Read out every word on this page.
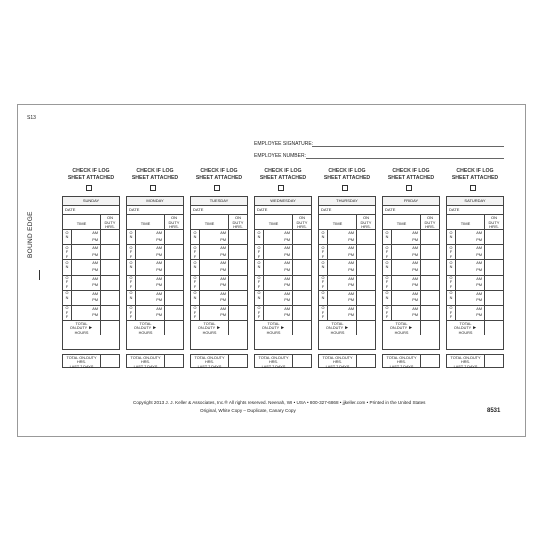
S13
BOUND EDGE
EMPLOYEE SIGNATURE:
EMPLOYEE NUMBER:
CHECK IF LOG
SHEET ATTACHED
SUNDAY
DATE
TIME
ON
DUTY
HRS.
O
N
AM
PM
O
F
F
AM
PM
O
N
AM
PM
O
F
F
AM
PM
O
N
AM
PM
O
F
F
AM
PM
TOTAL
ON-DUTY►
HOURS
TOTAL ON-DUTY HRS.
LAST 7 DAYS
CHECK IF LOG
SHEET ATTACHED
MONDAY
DATE
TIME
ON
DUTY
HRS.
O
N
AM
PM
O
F
F
AM
PM
O
N
AM
PM
O
F
F
AM
PM
O
N
AM
PM
O
F
F
AM
PM
TOTAL
ON-DUTY►
HOURS
TOTAL ON-DUTY HRS.
LAST 7 DAYS
CHECK IF LOG
SHEET ATTACHED
TUESDAY
DATE
TIME
ON
DUTY
HRS.
O
N
AM
PM
O
F
F
AM
PM
O
N
AM
PM
O
F
F
AM
PM
O
N
AM
PM
O
F
F
AM
PM
TOTAL
ON-DUTY►
HOURS
TOTAL ON-DUTY HRS.
LAST 7 DAYS
CHECK IF LOG
SHEET ATTACHED
WEDNESDAY
DATE
TIME
ON
DUTY
HRS.
O
N
AM
PM
O
F
F
AM
PM
O
N
AM
PM
O
F
F
AM
PM
O
N
AM
PM
O
F
F
AM
PM
TOTAL
ON-DUTY►
HOURS
TOTAL ON-DUTY HRS.
LAST 7 DAYS
CHECK IF LOG
SHEET ATTACHED
THURSDAY
DATE
TIME
ON
DUTY
HRS.
O
N
AM
PM
O
F
F
AM
PM
O
N
AM
PM
O
F
F
AM
PM
O
N
AM
PM
O
F
F
AM
PM
TOTAL
ON-DUTY►
HOURS
TOTAL ON-DUTY HRS.
LAST 7 DAYS
CHECK IF LOG
SHEET ATTACHED
FRIDAY
DATE
TIME
ON
DUTY
HRS.
O
N
AM
PM
O
F
F
AM
PM
O
N
AM
PM
O
F
F
AM
PM
O
N
AM
PM
O
F
F
AM
PM
TOTAL
ON-DUTY►
HOURS
TOTAL ON-DUTY HRS.
LAST 7 DAYS
CHECK IF LOG
SHEET ATTACHED
SATURDAY
DATE
TIME
ON
DUTY
HRS.
O
N
AM
PM
O
F
F
AM
PM
O
N
AM
PM
O
F
F
AM
PM
O
N
AM
PM
O
F
F
AM
PM
TOTAL
ON-DUTY►
HOURS
TOTAL ON-DUTY HRS.
LAST 7 DAYS
Copyright 2013 J. J. Keller & Associates, Inc.® All rights reserved. Neenah, WI • USA • 800-327-6868 • jjkeller.com • Printed in the United States
Original, White Copy – Duplicate, Canary Copy	8531
